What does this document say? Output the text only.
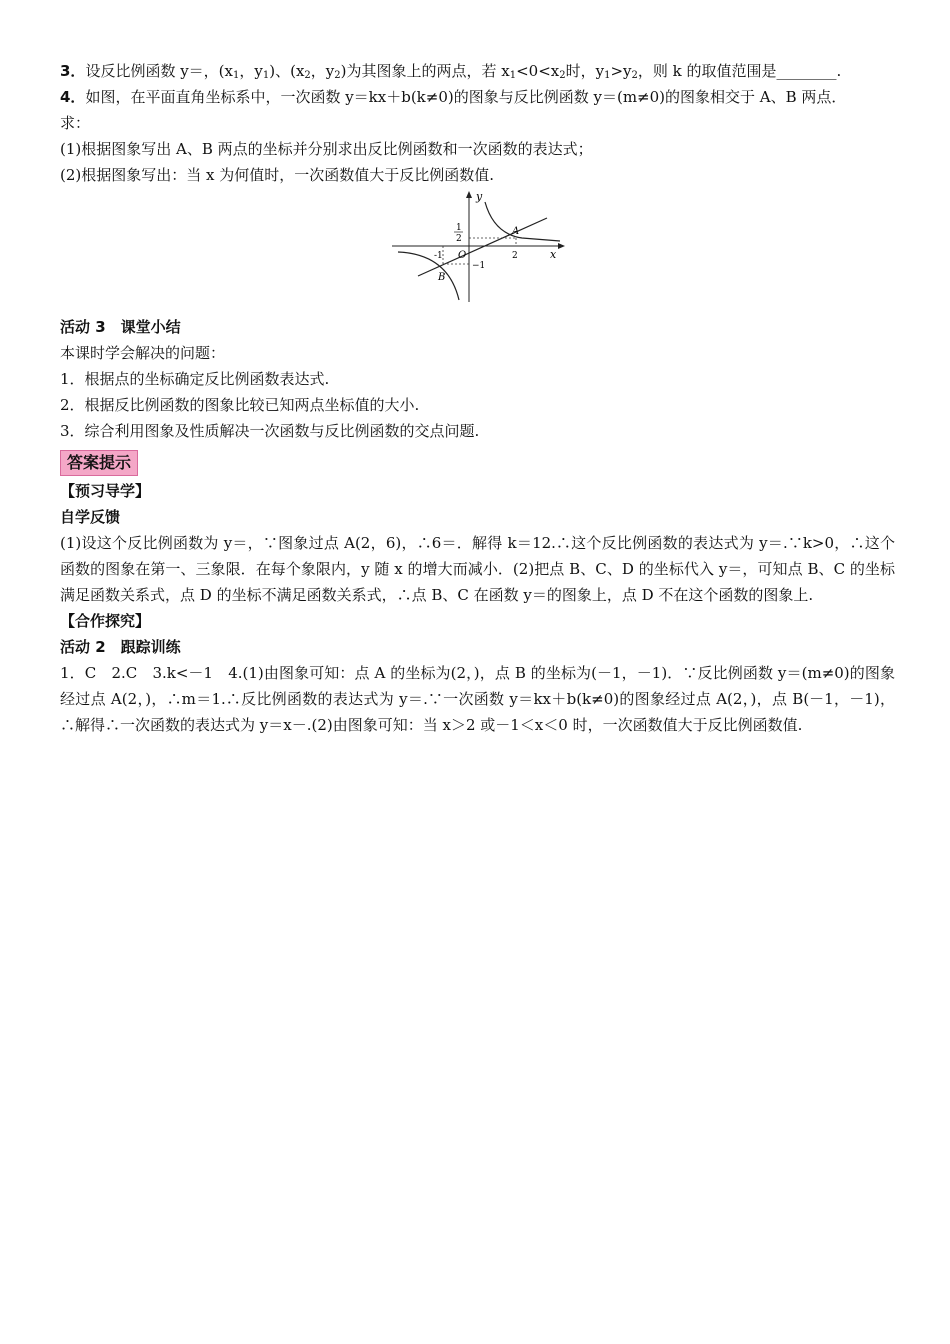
3．设反比例函数 y＝，($x_1$，$y_1$)、($x_2$，$y_2$)为其图象上的两点，若 $x_1<0<x_2$时，$y_1>y_2$，则 k 的取值范围是________.

4．如图，在平面直角坐标系中，一次函数 y＝kx＋b(k≠0)的图象与反比例函数 y＝(m≠0)的图象相交于 A、B 两点．

求：

(1)根据图象写出 A、B 两点的坐标并分别求出反比例函数和一次函数的表达式；

(2)根据图象写出：当 x 为何值时，一次函数值大于反比例函数值.

y
x
O
A
B
1
2
2
-1
−1

活动 3　课堂小结

本课时学会解决的问题：

1．根据点的坐标确定反比例函数表达式.

2．根据反比例函数的图象比较已知两点坐标值的大小.

3．综合利用图象及性质解决一次函数与反比例函数的交点问题.

答案提示

【预习导学】

自学反馈

(1)设这个反比例函数为 y＝，∵图象过点 A(2，6)，∴6＝．解得 k＝12.∴这个反比例函数的表达式为 y＝.∵k>0，∴这个函数的图象在第一、三象限．在每个象限内，y 随 x 的增大而减小．(2)把点 B、C、D 的坐标代入 y＝，可知点 B、C 的坐标满足函数关系式，点 D 的坐标不满足函数关系式，∴点 B、C 在函数 y＝的图象上，点 D 不在这个函数的图象上.

【合作探究】

活动 2　跟踪训练

1．C　2.C　3.k<－1　4.(1)由图象可知：点 A 的坐标为(2，)，点 B 的坐标为(－1，－1)．∵反比例函数 y＝(m≠0)的图象经过点 A(2，)，∴m＝1.∴反比例函数的表达式为 y＝.∵一次函数 y＝kx＋b(k≠0)的图象经过点 A(2，)，点 B(－1，－1)，∴解得∴一次函数的表达式为 y＝x－.(2)由图象可知：当 x＞2 或－1＜x＜0 时，一次函数值大于反比例函数值.
